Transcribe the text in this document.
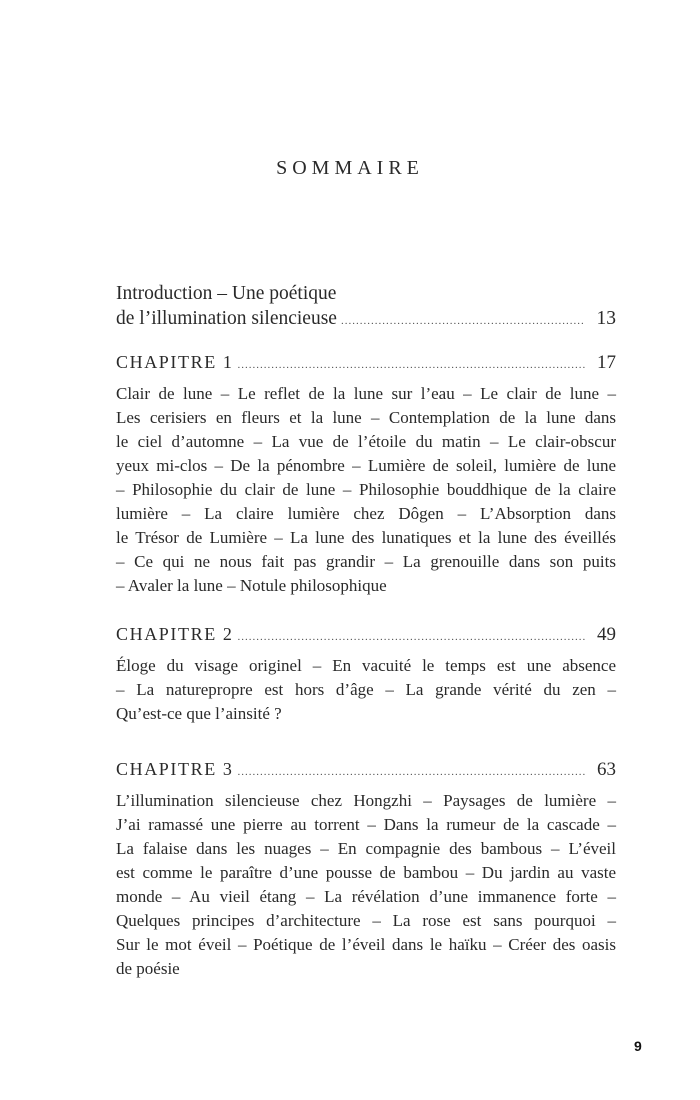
SOMMAIRE
Introduction – Une poétique
de l’illumination silencieuse .....	13
CHAPITRE 1 .....	17
Clair de lune – Le reflet de la lune sur l’eau – Le clair de lune –
Les cerisiers en fleurs et la lune – Contemplation de la lune dans
le ciel d’automne – La vue de l’étoile du matin – Le clair-obscur
yeux mi-clos – De la pénombre – Lumière de soleil, lumière de lune
– Philosophie du clair de lune – Philosophie bouddhique de la claire
lumière – La claire lumière chez Dôgen – L’Absorption dans
le Trésor de Lumière – La lune des lunatiques et la lune des éveillés
– Ce qui ne nous fait pas grandir – La grenouille dans son puits
– Avaler la lune – Notule philosophique
CHAPITRE 2 .....	49
Éloge du visage originel – En vacuité le temps est une absence
– La naturepropre est hors d’âge – La grande vérité du zen –
Qu’est-ce que l’ainsité ?
CHAPITRE 3 .....	63
L’illumination silencieuse chez Hongzhi – Paysages de lumière –
J’ai ramassé une pierre au torrent – Dans la rumeur de la cascade –
La falaise dans les nuages – En compagnie des bambous – L’éveil
est comme le paraître d’une pousse de bambou – Du jardin au vaste
monde – Au vieil étang – La révélation d’une immanence forte –
Quelques principes d’architecture – La rose est sans pourquoi –
Sur le mot éveil – Poétique de l’éveil dans le haïku – Créer des oasis
de poésie
9
